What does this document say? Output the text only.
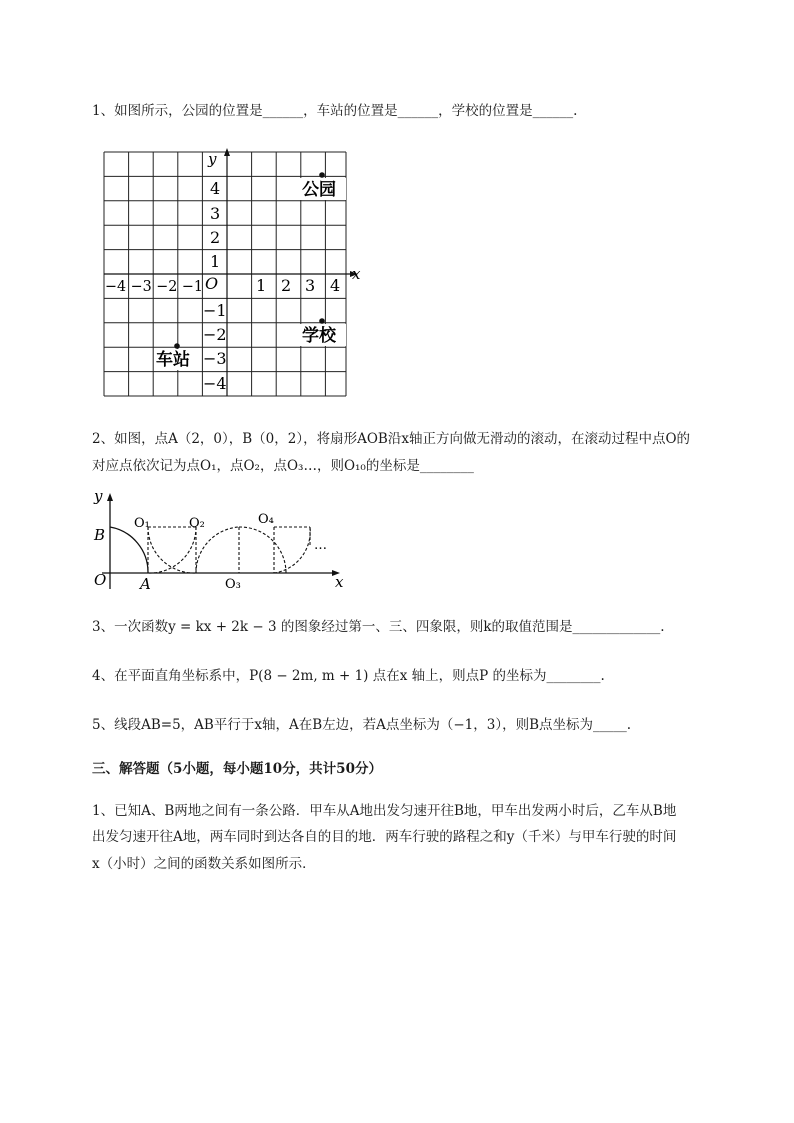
1、如图所示，公园的位置是______，车站的位置是______，学校的位置是______.
y
x
O
4
3
2
1
−1
−2
−3
−4
−4 −3 −2 −1	1 2 3 4
公园
学校
车站
2、如图，点A（2，0），B（0，2），将扇形AOB沿x轴正方向做无滑动的滚动，在滚动过程中点O的
对应点依次记为点O₁，点O₂，点O₃…，则O₁₀的坐标是________
y
B
O A
O₁	O₂
O₃
O₄
…
x
3、一次函数y = kx + 2k − 3 的图象经过第一、三、四象限，则k的取值范围是_____________.
4、在平面直角坐标系中，P(8 − 2m, m + 1) 点在x 轴上，则点P 的坐标为________.
5、线段AB=5，AB平行于x轴，A在B左边，若A点坐标为（−1，3），则B点坐标为_____.
三、解答题（5小题，每小题10分，共计50分）
1、已知A、B两地之间有一条公路．甲车从A地出发匀速开往B地，甲车出发两小时后，乙车从B地
出发匀速开往A地，两车同时到达各自的目的地．两车行驶的路程之和y（千米）与甲车行驶的时间
x（小时）之间的函数关系如图所示．
